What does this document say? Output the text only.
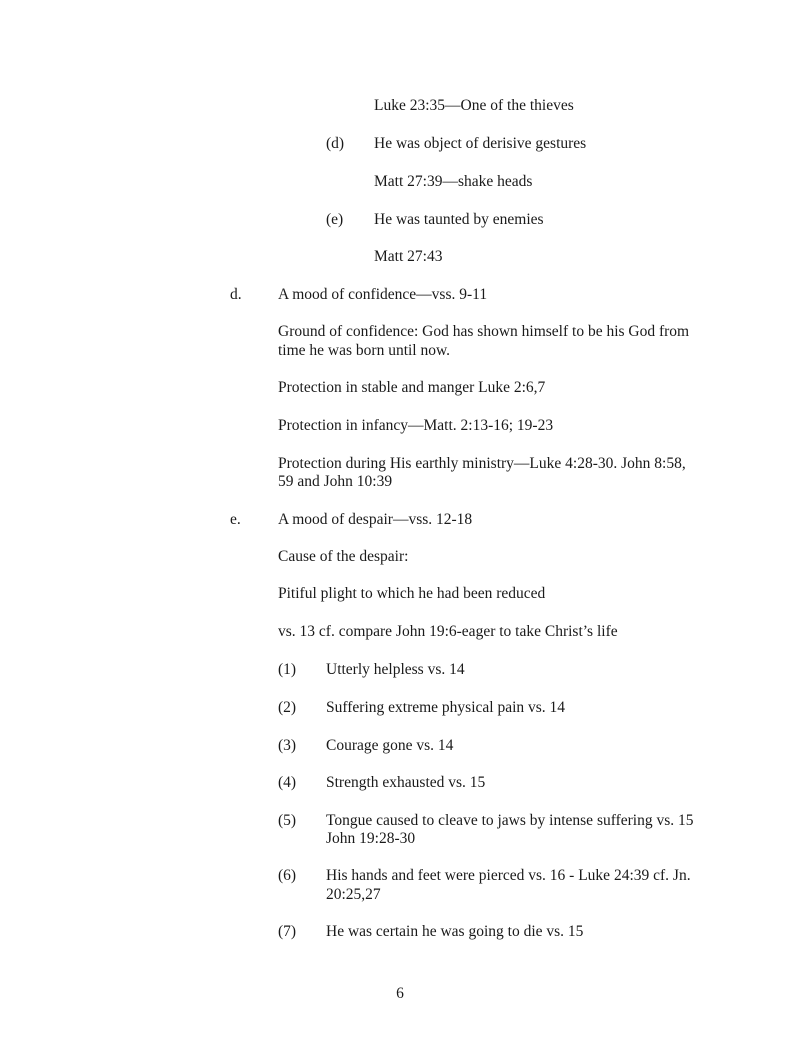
Luke 23:35—One of the thieves
(d) He was object of derisive gestures
Matt 27:39—shake heads
(e) He was taunted by enemies
Matt 27:43
d. A mood of confidence—vss. 9-11
Ground of confidence: God has shown himself to be his God from
time he was born until now.
Protection in stable and manger Luke 2:6,7
Protection in infancy—Matt. 2:13-16; 19-23
Protection during His earthly ministry—Luke 4:28-30. John 8:58,
59 and John 10:39
e. A mood of despair—vss. 12-18
Cause of the despair:
Pitiful plight to which he had been reduced
vs. 13 cf. compare John 19:6-eager to take Christ’s life
(1) Utterly helpless vs. 14
(2) Suffering extreme physical pain vs. 14
(3) Courage gone vs. 14
(4) Strength exhausted vs. 15
(5) Tongue caused to cleave to jaws by intense suffering vs. 15
John 19:28-30
(6) His hands and feet were pierced vs. 16 - Luke 24:39 cf. Jn.
20:25,27
(7) He was certain he was going to die vs. 15
6
